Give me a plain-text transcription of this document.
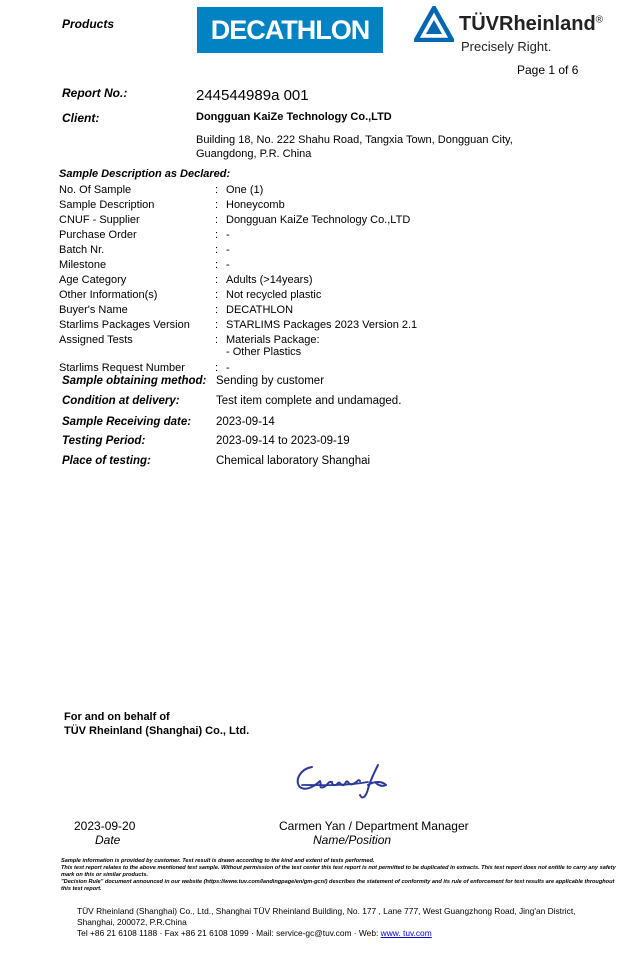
Products	DECATHLON	TÜVRheinland®
Precisely Right.
Page 1 of 6
Report No.:	244544989a 001
Client:	Dongguan KaiZe Technology Co.,LTD
Building 18, No. 222 Shahu Road, Tangxia Town, Dongguan City, Guangdong, P.R. China
Sample Description as Declared:
No. Of Sample	: One (1)
Sample Description	: Honeycomb
CNUF - Supplier	: Dongguan KaiZe Technology Co.,LTD
Purchase Order	: -
Batch Nr.	: -
Milestone	: -
Age Category	: Adults (>14years)
Other Information(s)	: Not recycled plastic
Buyer's Name	: DECATHLON
Starlims Packages Version	: STARLIMS Packages 2023 Version 2.1
Assigned Tests	: Materials Package:
- Other Plastics
Starlims Request Number	: -
Sample obtaining method: Sending by customer
Condition at delivery:	Test item complete and undamaged.
Sample Receiving date: 2023-09-14
Testing Period:	2023-09-14 to 2023-09-19
Place of testing:	Chemical laboratory Shanghai
For and on behalf of
TÜV Rheinland (Shanghai) Co., Ltd.
2023-09-20
Date
Carmen Yan / Department Manager
Name/Position
Sample information is provided by customer. Test result is drawn according to the kind and extent of tests performed.
This test report relates to the above mentioned test sample. Without permission of the test center this test report is not permitted to be duplicated in extracts. This test report does not entitle to carry any safety mark on this or similar products.
"Decision Rule" document announced in our website (https://www.tuv.com/landingpage/en/gm-gcn/) describes the statement of conformity and its rule of enforcement for test results are applicable throughout this test report.
TÜV Rheinland (Shanghai) Co., Ltd., Shanghai TÜV Rheinland Building, No. 177 , Lane 777, West Guangzhong Road, Jing'an District, Shanghai, 200072, P.R.China
Tel +86 21 6108 1188 · Fax +86 21 6108 1099 · Mail: service-gc@tuv.com · Web: www. tuv.com
